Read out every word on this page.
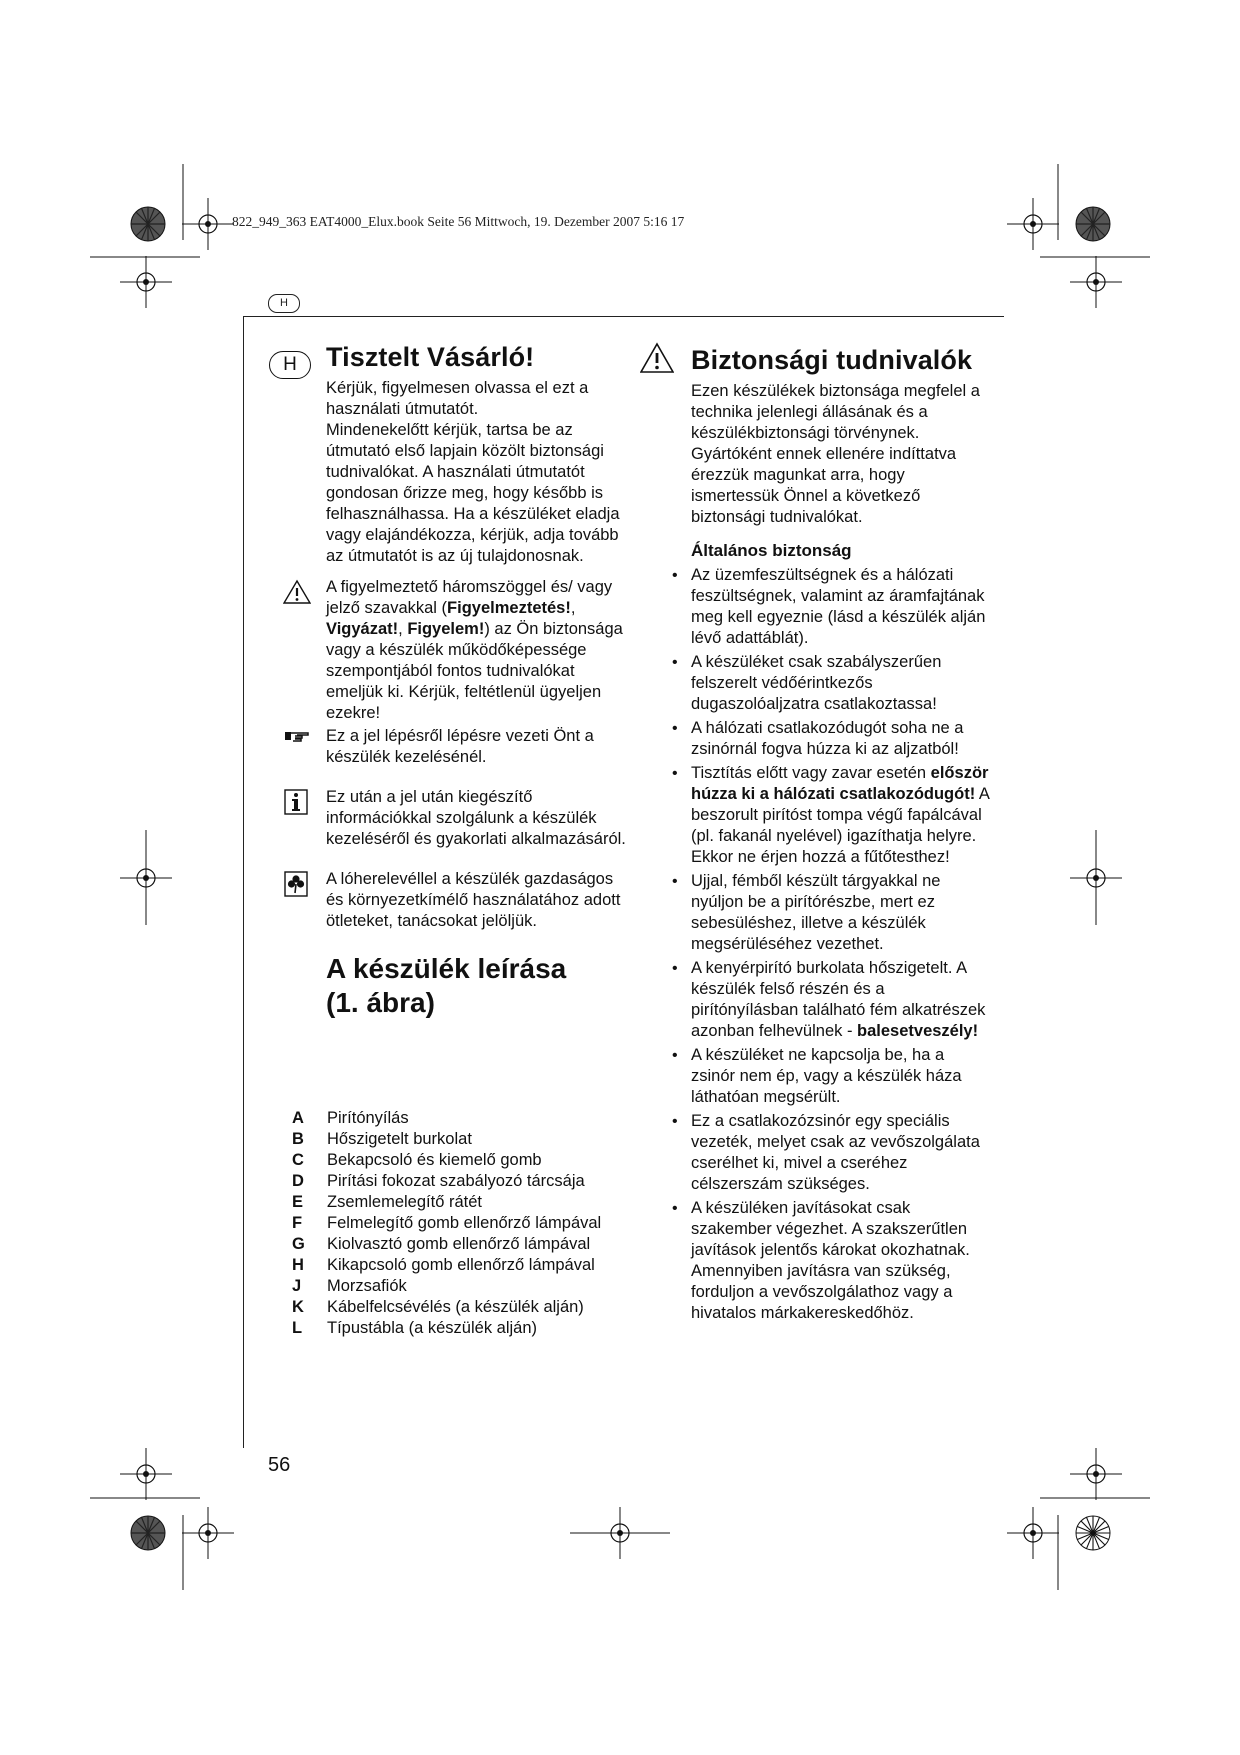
822_949_363 EAT4000_Elux.book Seite 56 Mittwoch, 19. Dezember 2007 5:16 17
H
H	Tisztelt Vásárló!

Kérjük, figyelmesen olvassa el ezt a használati útmutatót.

Mindenekelőtt kérjük, tartsa be az útmutató első lapjain közölt biztonsági tudnivalókat. A használati útmutatót gondosan őrizze meg, hogy később is felhasználhassa. Ha a készüléket eladja vagy elajándékozza, kérjük, adja tovább az útmutatót is az új tulajdonosnak.

A figyelmeztető háromszöggel és/ vagy jelző szavakkal (Figyelmeztetés!, Vigyázat!, Figyelem!) az Ön biztonsága vagy a készülék működőképessége szempontjából fontos tudnivalókat emeljük ki. Kérjük, feltétlenül ügyeljen ezekre!

Ez a jel lépésről lépésre vezeti Önt a készülék kezelésénél.

Ez után a jel után kiegészítő információkkal szolgálunk a készülék kezeléséről és gyakorlati alkalmazásáról.

A lóherelevéllel a készülék gazdaságos és környezetkímélő használatához adott ötleteket, tanácsokat jelöljük.

A készülék leírása
(1. ábra)
A	Pirítónyílás
B	Hőszigetelt burkolat
C	Bekapcsoló és kiemelő gomb
D	Pirítási fokozat szabályozó tárcsája
E	Zsemlemelegítő rátét
F	Felmelegítő gomb ellenőrző lámpával
G	Kiolvasztó gomb ellenőrző lámpával
H	Kikapcsoló gomb ellenőrző lámpával
J	Morzsafiók
K	Kábelfelcsévélés (a készülék alján)
L	Típustábla (a készülék alján)
Biztonsági tudnivalók

Ezen készülékek biztonsága megfelel a technika jelenlegi állásának és a készülékbiztonsági törvénynek. Gyártóként ennek ellenére indíttatva érezzük magunkat arra, hogy ismertessük Önnel a következő biztonsági tudnivalókat.

Általános biztonság
• Az üzemfeszültségnek és a hálózati feszültségnek, valamint az áramfajtának meg kell egyeznie (lásd a készülék alján lévő adattáblát).
• A készüléket csak szabályszerűen felszerelt védőérintkezős dugaszolóaljzatra csatlakoztassa!
• A hálózati csatlakozódugót soha ne a zsinórnál fogva húzza ki az aljzatból!
• Tisztítás előtt vagy zavar esetén először húzza ki a hálózati csatlakozódugót! A beszorult pirítóst tompa végű fapálcával (pl. fakanál nyelével) igazíthatja helyre. Ekkor ne érjen hozzá a fűtőtesthez!
• Ujjal, fémből készült tárgyakkal ne nyúljon be a pirítórészbe, mert ez sebesüléshez, illetve a készülék megsérüléséhez vezethet.
• A kenyérpirító burkolata hőszigetelt. A készülék felső részén és a pirítónyílásban található fém alkatrészek azonban felhevülnek - balesetveszély!
• A készüléket ne kapcsolja be, ha a zsinór nem ép, vagy a készülék háza láthatóan megsérült.
• Ez a csatlakozózsinór egy speciális vezeték, melyet csak az vevőszolgálata cserélhet ki, mivel a cseréhez célszerszám szükséges.
• A készüléken javításokat csak szakember végezhet. A szakszerűtlen javítások jelentős károkat okozhatnak. Amennyiben javításra van szükség, forduljon a vevőszolgálathoz vagy a hivatalos márkakereskedőhöz.
56
